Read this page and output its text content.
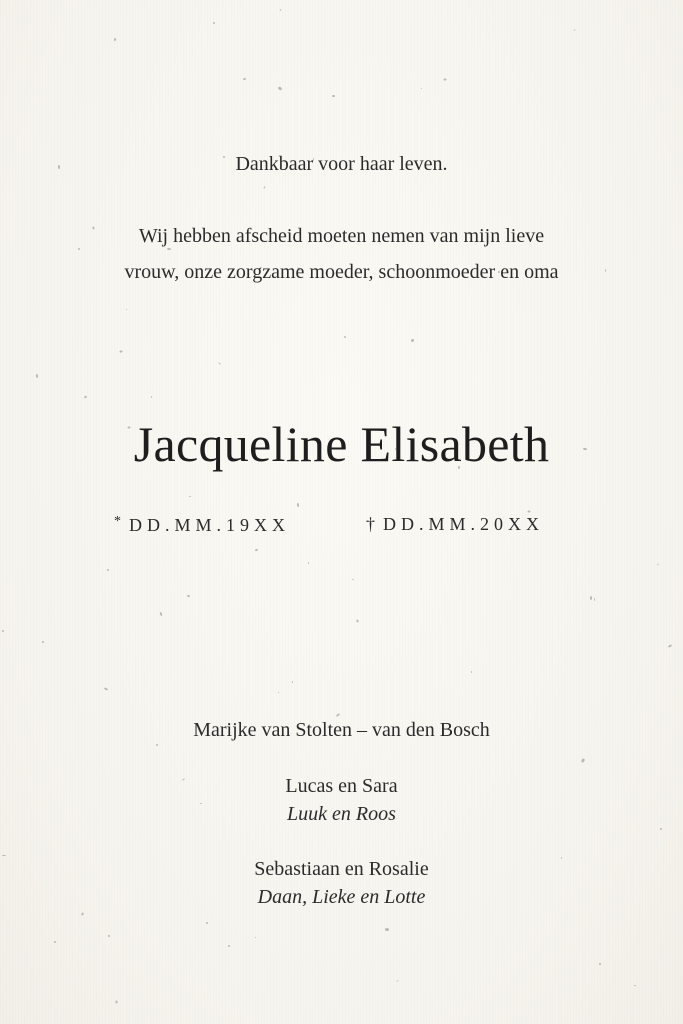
Dankbaar voor haar leven.
Wij hebben afscheid moeten nemen van mijn lieve
vrouw, onze zorgzame moeder, schoonmoeder en oma
Jacqueline Elisabeth
* DD.MM.19XX	† DD.MM.20XX
Marijke van Stolten – van den Bosch
Lucas en Sara
Luuk en Roos
Sebastiaan en Rosalie
Daan, Lieke en Lotte
